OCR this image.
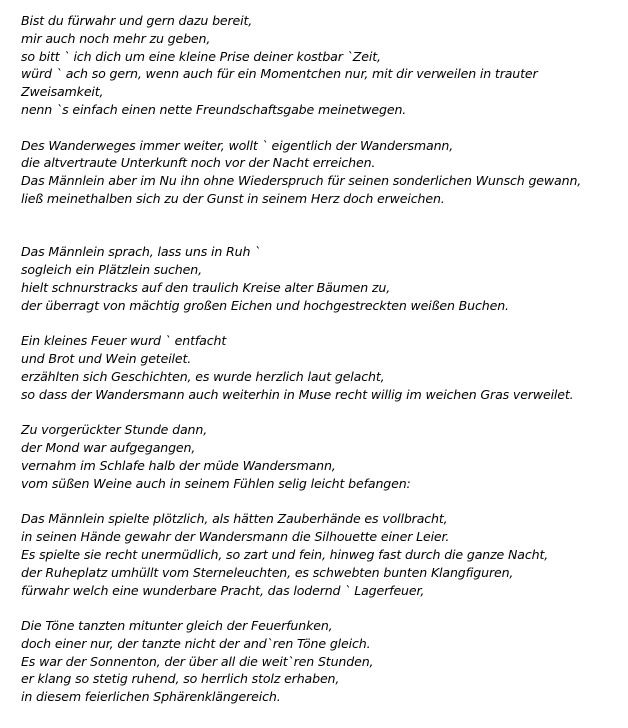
Bist du fürwahr und gern dazu bereit,
mir auch noch mehr zu geben,
so bitt ` ich dich um eine kleine Prise deiner kostbar `Zeit,
würd ` ach so gern, wenn auch für ein Momentchen nur, mit dir verweilen in trauter
Zweisamkeit,
nenn `s einfach einen nette Freundschaftsgabe meinetwegen.
Des Wanderweges immer weiter, wollt ` eigentlich der Wandersmann,
die altvertraute Unterkunft noch vor der Nacht erreichen.
Das Männlein aber im Nu ihn ohne Wiederspruch für seinen sonderlichen Wunsch gewann,
ließ meinethalben sich zu der Gunst in seinem Herz doch erweichen.
Das Männlein sprach, lass uns in Ruh `
sogleich ein Plätzlein suchen,
hielt schnurstracks auf den traulich Kreise alter Bäumen zu,
der überragt von mächtig großen Eichen und hochgestreckten weißen Buchen.
Ein kleines Feuer wurd ` entfacht
und Brot und Wein geteilet.
erzählten sich Geschichten, es wurde herzlich laut gelacht,
so dass der Wandersmann auch weiterhin in Muse recht willig im weichen Gras verweilet.
Zu vorgerückter Stunde dann,
der Mond war aufgegangen,
vernahm im Schlafe halb der müde Wandersmann,
vom süßen Weine auch in seinem Fühlen selig leicht befangen:
Das Männlein spielte plötzlich, als hätten Zauberhände es vollbracht,
in seinen Hände gewahr der Wandersmann die Silhouette einer Leier.
Es spielte sie recht unermüdlich, so zart und fein, hinweg fast durch die ganze Nacht,
der Ruheplatz umhüllt vom Sterneleuchten, es schwebten bunten Klangfiguren,
fürwahr welch eine wunderbare Pracht, das lodernd ` Lagerfeuer,
Die Töne tanzten mitunter gleich der Feuerfunken,
doch einer nur, der tanzte nicht der and`ren Töne gleich.
Es war der Sonnenton, der über all die weit`ren Stunden,
er klang so stetig ruhend, so herrlich stolz erhaben,
in diesem feierlichen Sphärenklängereich.
